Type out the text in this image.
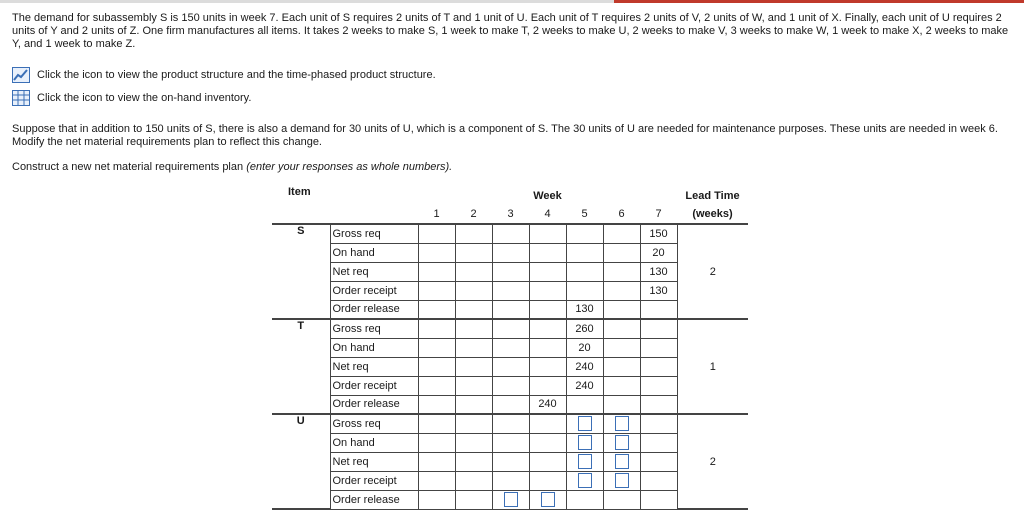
The demand for subassembly S is 150 units in week 7. Each unit of S requires 2 units of T and 1 unit of U. Each unit of T requires 2 units of V, 2 units of W, and 1 unit of X. Finally, each unit of U requires 2 units of Y and 2 units of Z. One firm manufactures all items. It takes 2 weeks to make S, 1 week to make T, 2 weeks to make U, 2 weeks to make V, 3 weeks to make W, 1 week to make X, 2 weeks to make Y, and 1 week to make Z.

Click the icon to view the product structure and the time-phased product structure.
Click the icon to view the on-hand inventory.

Suppose that in addition to 150 units of S, there is also a demand for 30 units of U, which is a component of S. The 30 units of U are needed for maintenance purposes. These units are needed in week 6. Modify the net material requirements plan to reflect this change.

Construct a new net material requirements plan (enter your responses as whole numbers).

Item		Week							Lead Time
		1	2	3	4	5	6	7	(weeks)
S	Gross req							150	2
	On hand							20	
	Net req							130	
	Order receipt							130	
	Order release					130			
T	Gross req					260			1
	On hand					20			
	Net req					240			
	Order receipt					240			
	Order release				240				
U	Gross req								2
	On hand								
	Net req								
	Order receipt								
	Order release								
